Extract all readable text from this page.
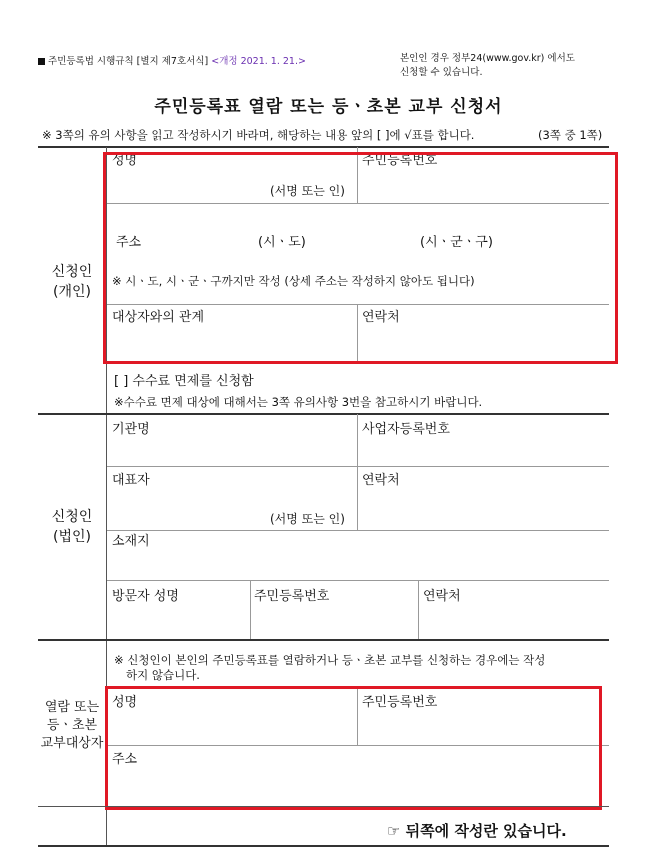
주민등록법 시행규칙 [별지 제7호서식] <개정 2021. 1. 21.>	본인인 경우 정부24(www.gov.kr) 에서도
신청할 수 있습니다.
주민등록표 열람 또는 등ㆍ초본 교부 신청서
※ 3쪽의 유의 사항을 읽고 작성하시기 바라며, 해당하는 내용 앞의 [ ]에 √표를 합니다.	(3쪽 중 1쪽)
신청인
(개인)
성명	주민등록번호
(서명 또는 인)
주소	(시ㆍ도)	(시ㆍ군ㆍ구)
※ 시ㆍ도, 시ㆍ군ㆍ구까지만 작성 (상세 주소는 작성하지 않아도 됩니다)
대상자와의 관계	연락처
[ ] 수수료 면제를 신청함
※수수료 면제 대상에 대해서는 3쪽 유의사항 3번을 참고하시기 바랍니다.
신청인
(법인)
기관명	사업자등록번호
대표자	연락처
(서명 또는 인)
소재지
방문자 성명	주민등록번호	연락처
※ 신청인이 본인의 주민등록표를 열람하거나 등ㆍ초본 교부를 신청하는 경우에는 작성
하지 않습니다.
열람 또는
등ㆍ초본
교부대상자
성명	주민등록번호
주소
☞ 뒤쪽에 작성란 있습니다.
